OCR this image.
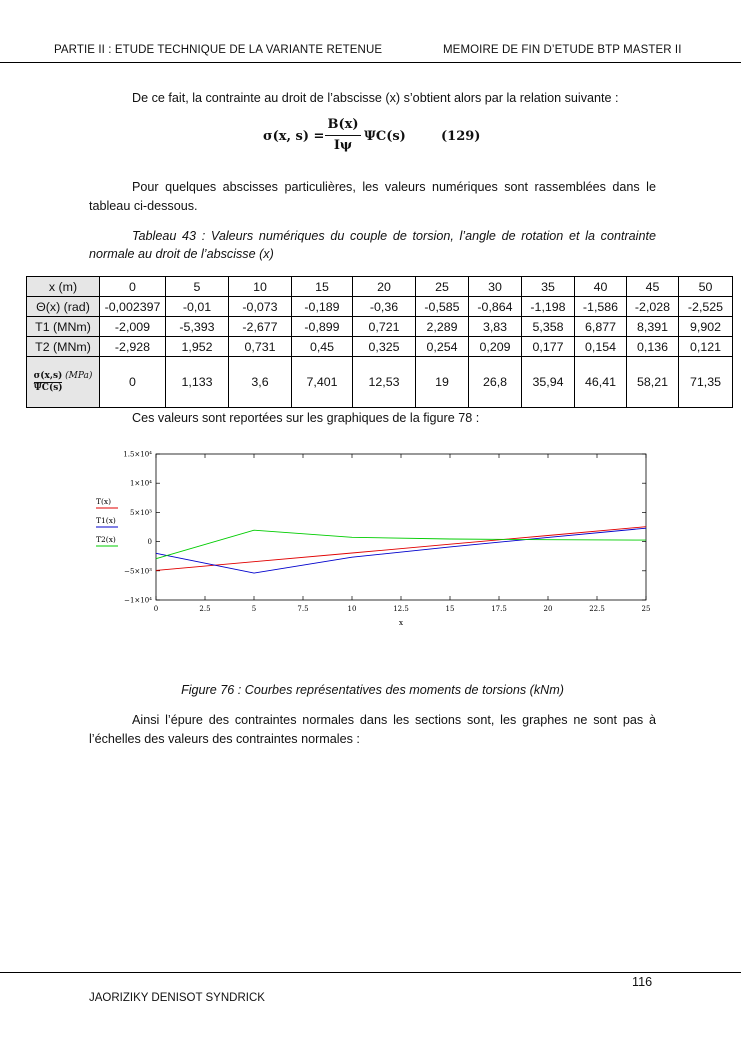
PARTIE II : ETUDE TECHNIQUE DE LA VARIANTE RETENUE	MEMOIRE DE FIN D’ETUDE BTP MASTER II
De ce fait, la contrainte au droit de l’abscisse (x) s’obtient alors par la relation suivante :
σ(x, s) =
B(x)
Iψ
ΨC(s)	(129)
Pour quelques abscisses particulières, les valeurs numériques sont rassemblées dans le tableau ci-dessous.
Tableau 43 : Valeurs numériques du couple de torsion, l’angle de rotation et la contrainte normale au droit de l’abscisse (x)
x (m)	0	5	10	15	20	25	30	35	40	45	50
Θ(x) (rad)	-0,002397	-0,01	-0,073	-0,189	-0,36	-0,585	-0,864	-1,198	-1,586	-2,028	-2,525
T1 (MNm)	-2,009	-5,393	-2,677	-0,899	0,721	2,289	3,83	5,358	6,877	8,391	9,902
T2 (MNm)	-2,928	1,952	0,731	0,45	0,325	0,254	0,209	0,177	0,154	0,136	0,121
σ(x,s) (MPa)
ΨC(s)	0	1,133	3,6	7,401	12,53	19	26,8	35,94	46,41	58,21	71,35
Ces valeurs sont reportées sur les graphiques de la figure 78 :
0	2.5	5	7.5	10	12.5	15	17.5	20	22.5	25
1.5×10⁴
1×10⁴
5×10³
0
−5×10³
−1×10⁴
x
T(x)
T1(x)
T2(x)
Figure 76 : Courbes représentatives des moments de torsions (kNm)
Ainsi l’épure des contraintes normales dans les sections sont, les graphes ne sont pas à l’échelles des valeurs des contraintes normales :
116
JAORIZIKY DENISOT SYNDRICK
